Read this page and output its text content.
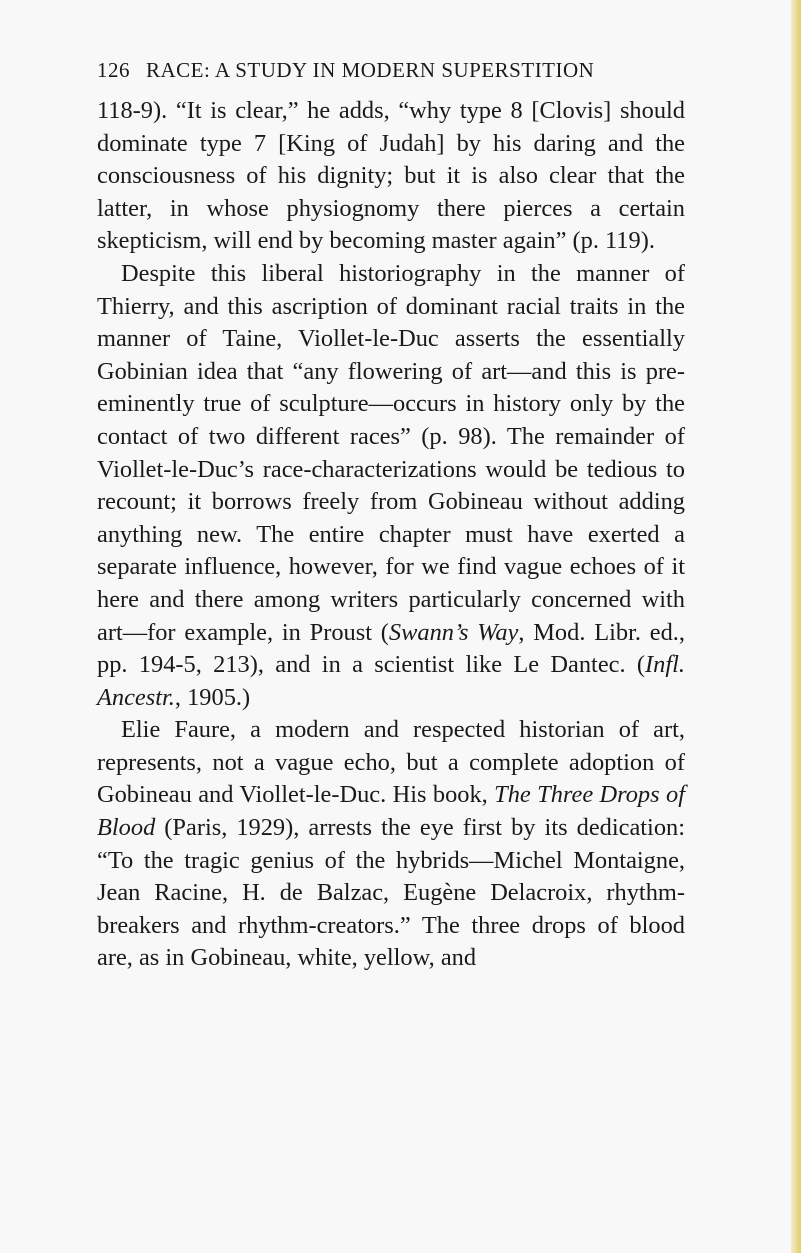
126 RACE: A STUDY IN MODERN SUPERSTITION

118-9). “It is clear,” he adds, “why type 8 [Clovis] should dominate type 7 [King of Judah] by his daring and the consciousness of his dignity; but it is also clear that the latter, in whose physiognomy there pierces a certain skepticism, will end by becoming master again” (p. 119).

Despite this liberal historiography in the manner of Thierry, and this ascription of dominant racial traits in the manner of Taine, Viollet-le-Duc asserts the essentially Gobinian idea that “any flowering of art—and this is pre-eminently true of sculpture—occurs in history only by the contact of two different races” (p. 98). The remainder of Viollet-le-Duc’s race-characterizations would be tedious to recount; it borrows freely from Gobineau without adding anything new. The entire chapter must have exerted a separate influence, however, for we find vague echoes of it here and there among writers particularly concerned with art—for example, in Proust (Swann’s Way, Mod. Libr. ed., pp. 194-5, 213), and in a scientist like Le Dantec. (Infl. Ancestr., 1905.)

Elie Faure, a modern and respected historian of art, represents, not a vague echo, but a complete adoption of Gobineau and Viollet-le-Duc. His book, The Three Drops of Blood (Paris, 1929), arrests the eye first by its dedication: “To the tragic genius of the hybrids—Michel Montaigne, Jean Racine, H. de Balzac, Eugène Delacroix, rhythm-breakers and rhythm-creators.” The three drops of blood are, as in Gobineau, white, yellow, and
